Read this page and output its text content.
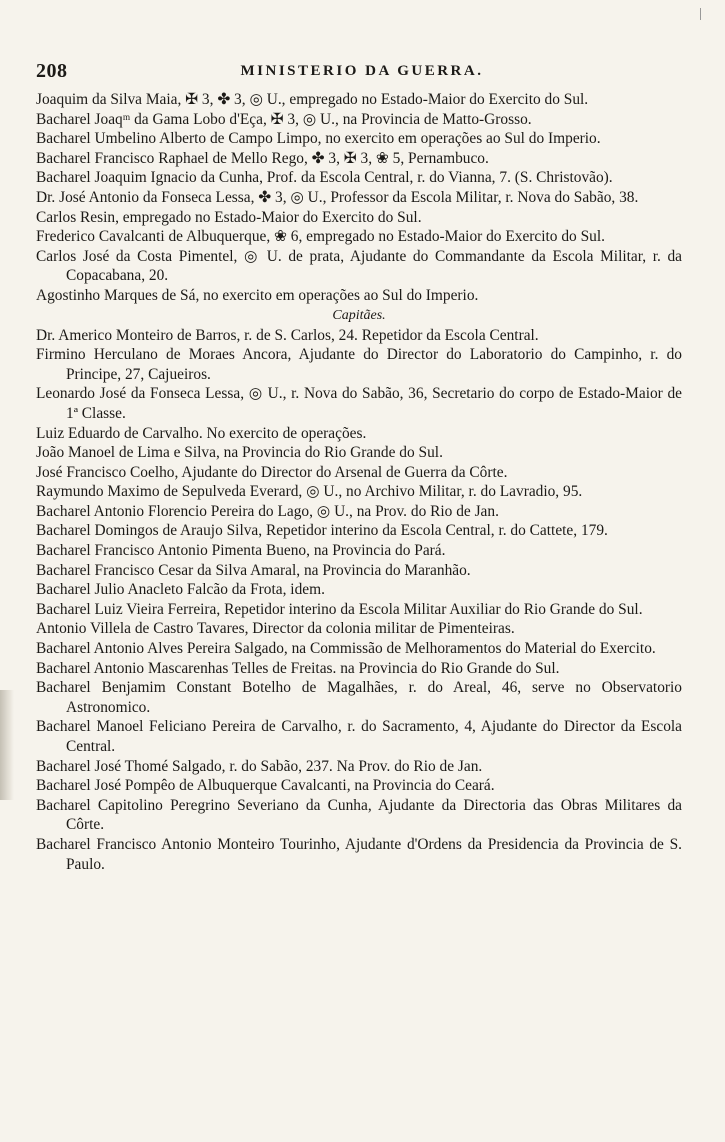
208	MINISTERIO DA GUERRA.
Joaquim da Silva Maia, ✠ 3, ✤ 3, ◎ U., empregado no Estado-Maior do Exercito do Sul.
Bacharel Joaqᵐ da Gama Lobo d'Eça, ✠ 3, ◎ U., na Provincia de Matto-Grosso.
Bacharel Umbelino Alberto de Campo Limpo, no exercito em operações ao Sul do Imperio.
Bacharel Francisco Raphael de Mello Rego, ✤ 3, ✠ 3, ❀ 5, Pernambuco.
Bacharel Joaquim Ignacio da Cunha, Prof. da Escola Central, r. do Vianna, 7. (S. Christovão).
Dr. José Antonio da Fonseca Lessa, ✤ 3, ◎ U., Professor da Escola Militar, r. Nova do Sabão, 38.
Carlos Resin, empregado no Estado-Maior do Exercito do Sul.
Frederico Cavalcanti de Albuquerque, ❀ 6, empregado no Estado-Maior do Exercito do Sul.
Carlos José da Costa Pimentel, ◎ U. de prata, Ajudante do Commandante da Escola Militar, r. da Copacabana, 20.
Agostinho Marques de Sá, no exercito em operações ao Sul do Imperio.
Capitães.
Dr. Americo Monteiro de Barros, r. de S. Carlos, 24. Repetidor da Escola Central.
Firmino Herculano de Moraes Ancora, Ajudante do Director do Laboratorio do Campinho, r. do Principe, 27, Cajueiros.
Leonardo José da Fonseca Lessa, ◎ U., r. Nova do Sabão, 36, Secretario do corpo de Estado-Maior de 1ª Classe.
Luiz Eduardo de Carvalho. No exercito de operações.
João Manoel de Lima e Silva, na Provincia do Rio Grande do Sul.
José Francisco Coelho, Ajudante do Director do Arsenal de Guerra da Côrte.
Raymundo Maximo de Sepulveda Everard, ◎ U., no Archivo Militar, r. do Lavradio, 95.
Bacharel Antonio Florencio Pereira do Lago, ◎ U., na Prov. do Rio de Jan.
Bacharel Domingos de Araujo Silva, Repetidor interino da Escola Central, r. do Cattete, 179.
Bacharel Francisco Antonio Pimenta Bueno, na Provincia do Pará.
Bacharel Francisco Cesar da Silva Amaral, na Provincia do Maranhão.
Bacharel Julio Anacleto Falcão da Frota, idem.
Bacharel Luiz Vieira Ferreira, Repetidor interino da Escola Militar Auxiliar do Rio Grande do Sul.
Antonio Villela de Castro Tavares, Director da colonia militar de Pimenteiras.
Bacharel Antonio Alves Pereira Salgado, na Commissão de Melhoramentos do Material do Exercito.
Bacharel Antonio Mascarenhas Telles de Freitas. na Provincia do Rio Grande do Sul.
Bacharel Benjamim Constant Botelho de Magalhães, r. do Areal, 46, serve no Observatorio Astronomico.
Bacharel Manoel Feliciano Pereira de Carvalho, r. do Sacramento, 4, Ajudante do Director da Escola Central.
Bacharel José Thomé Salgado, r. do Sabão, 237. Na Prov. do Rio de Jan.
Bacharel José Pompêo de Albuquerque Cavalcanti, na Provincia do Ceará.
Bacharel Capitolino Peregrino Severiano da Cunha, Ajudante da Directoria das Obras Militares da Côrte.
Bacharel Francisco Antonio Monteiro Tourinho, Ajudante d'Ordens da Presidencia da Provincia de S. Paulo.
